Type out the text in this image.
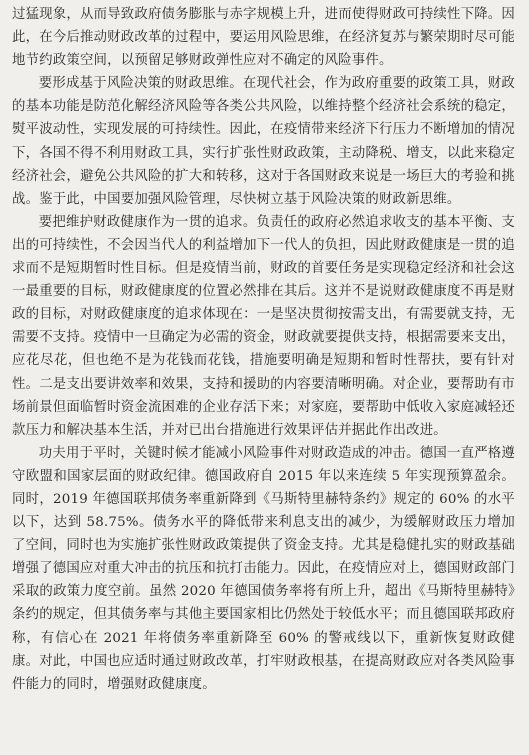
过猛现象，从而导致政府债务膨胀与赤字规模上升，进而使得财政可持续性下降。因此，在今后推动财政改革的过程中，要运用风险思维，在经济复苏与繁荣期时尽可能地节约政策空间，以预留足够财政弹性应对不确定的风险事件。

要形成基于风险决策的财政思维。在现代社会，作为政府重要的政策工具，财政的基本功能是防范化解经济风险等各类公共风险，以维持整个经济社会系统的稳定，熨平波动性，实现发展的可持续性。因此，在疫情带来经济下行压力不断增加的情况下，各国不得不利用财政工具，实行扩张性财政政策，主动降税、增支，以此来稳定经济社会，避免公共风险的扩大和转移，这对于各国财政来说是一场巨大的考验和挑战。鉴于此，中国要加强风险管理，尽快树立基于风险决策的财政新思维。

要把维护财政健康作为一贯的追求。负责任的政府必然追求收支的基本平衡、支出的可持续性，不会因当代人的利益增加下一代人的负担，因此财政健康是一贯的追求而不是短期暂时性目标。但是疫情当前，财政的首要任务是实现稳定经济和社会这一最重要的目标，财政健康度的位置必然排在其后。这并不是说财政健康度不再是财政的目标，对财政健康度的追求体现在：一是坚决贯彻按需支出，有需要就支持，无需要不支持。疫情中一旦确定为必需的资金，财政就要提供支持，根据需要来支出，应花尽花，但也绝不是为花钱而花钱，措施要明确是短期和暂时性帮扶，要有针对性。二是支出要讲效率和效果，支持和援助的内容要清晰明确。对企业，要帮助有市场前景但面临暂时资金流困难的企业存活下来；对家庭，要帮助中低收入家庭减轻还款压力和解决基本生活，并对已出台措施进行效果评估并据此作出改进。

功夫用于平时，关键时候才能减小风险事件对财政造成的冲击。德国一直严格遵守欧盟和国家层面的财政纪律。德国政府自 2015 年以来连续 5 年实现预算盈余。同时，2019 年德国联邦债务率重新降到《马斯特里赫特条约》规定的 60% 的水平以下，达到 58.75%。债务水平的降低带来利息支出的减少，为缓解财政压力增加了空间，同时也为实施扩张性财政政策提供了资金支持。尤其是稳健扎实的财政基础增强了德国应对重大冲击的抗压和抗打击能力。因此，在疫情应对上，德国财政部门采取的政策力度空前。虽然 2020 年德国债务率将有所上升，超出《马斯特里赫特》条约的规定，但其债务率与其他主要国家相比仍然处于较低水平；而且德国联邦政府称，有信心在 2021 年将债务率重新降至 60% 的警戒线以下，重新恢复财政健康。对此，中国也应适时通过财政改革，打牢财政根基，在提高财政应对各类风险事件能力的同时，增强财政健康度。
